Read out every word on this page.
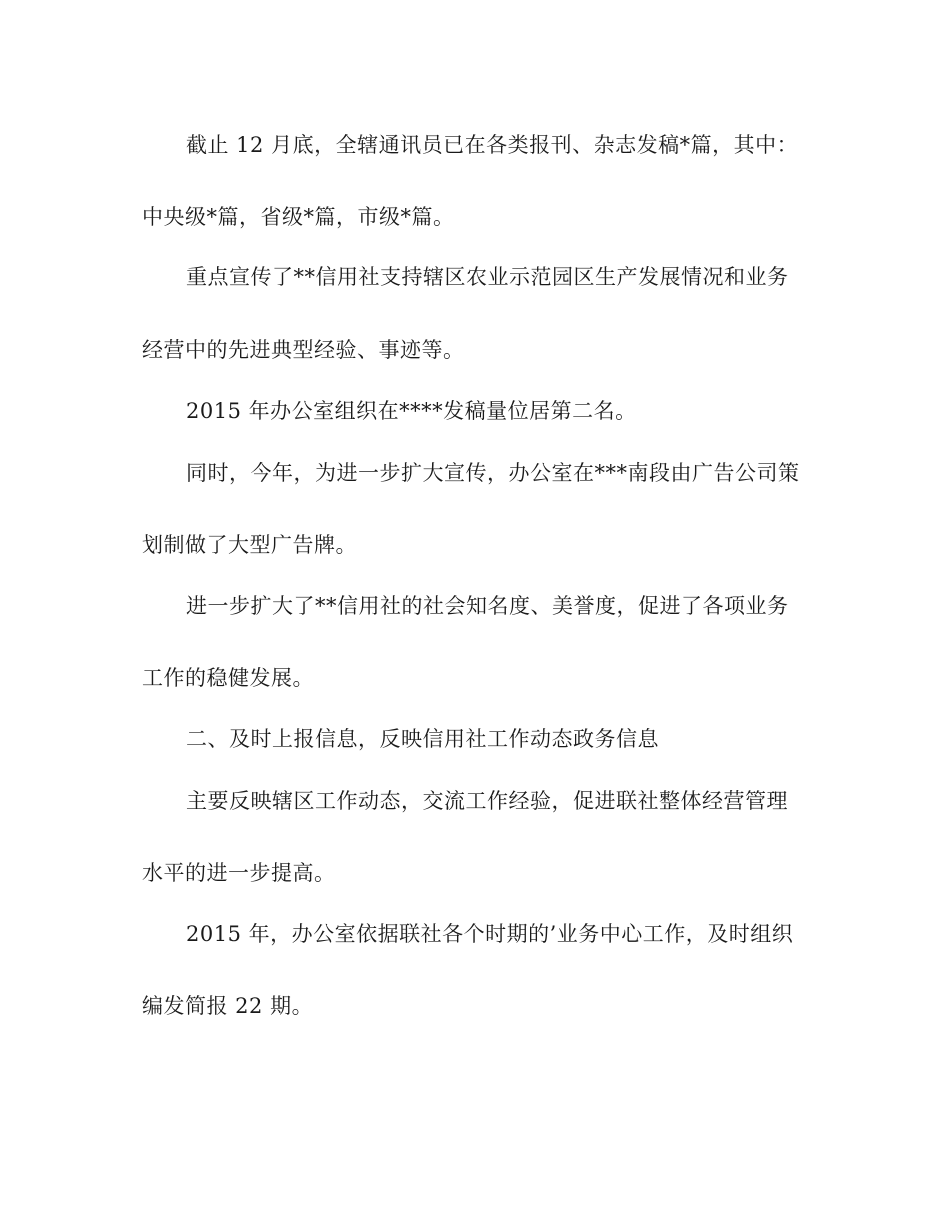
截止 12 月底，全辖通讯员已在各类报刊、杂志发稿*篇，其中：
中央级*篇，省级*篇，市级*篇。
重点宣传了**信用社支持辖区农业示范园区生产发展情况和业务
经营中的先进典型经验、事迹等。
2015 年办公室组织在****发稿量位居第二名。
同时，今年，为进一步扩大宣传，办公室在***南段由广告公司策
划制做了大型广告牌。
进一步扩大了**信用社的社会知名度、美誉度，促进了各项业务
工作的稳健发展。
二、及时上报信息，反映信用社工作动态政务信息
主要反映辖区工作动态，交流工作经验，促进联社整体经营管理
水平的进一步提高。
2015 年，办公室依据联社各个时期的’业务中心工作，及时组织
编发简报 22 期。
